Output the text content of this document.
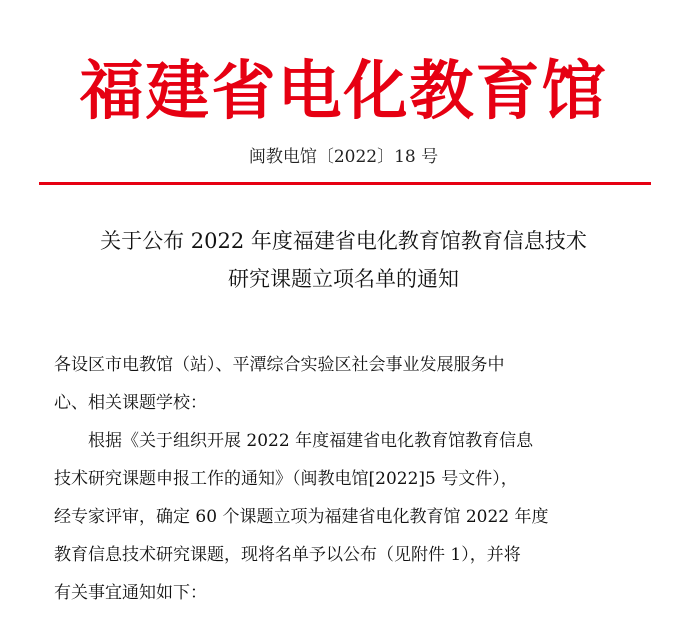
福建省电化教育馆
闽教电馆〔2022〕18 号
关于公布 2022 年度福建省电化教育馆教育信息技术
研究课题立项名单的通知
各设区市电教馆（站）、平潭综合实验区社会事业发展服务中
心、相关课题学校：
根据《关于组织开展 2022 年度福建省电化教育馆教育信息
技术研究课题申报工作的通知》（闽教电馆[2022]5 号文件），
经专家评审，确定 60 个课题立项为福建省电化教育馆 2022 年度
教育信息技术研究课题，现将名单予以公布（见附件 1），并将
有关事宜通知如下：
